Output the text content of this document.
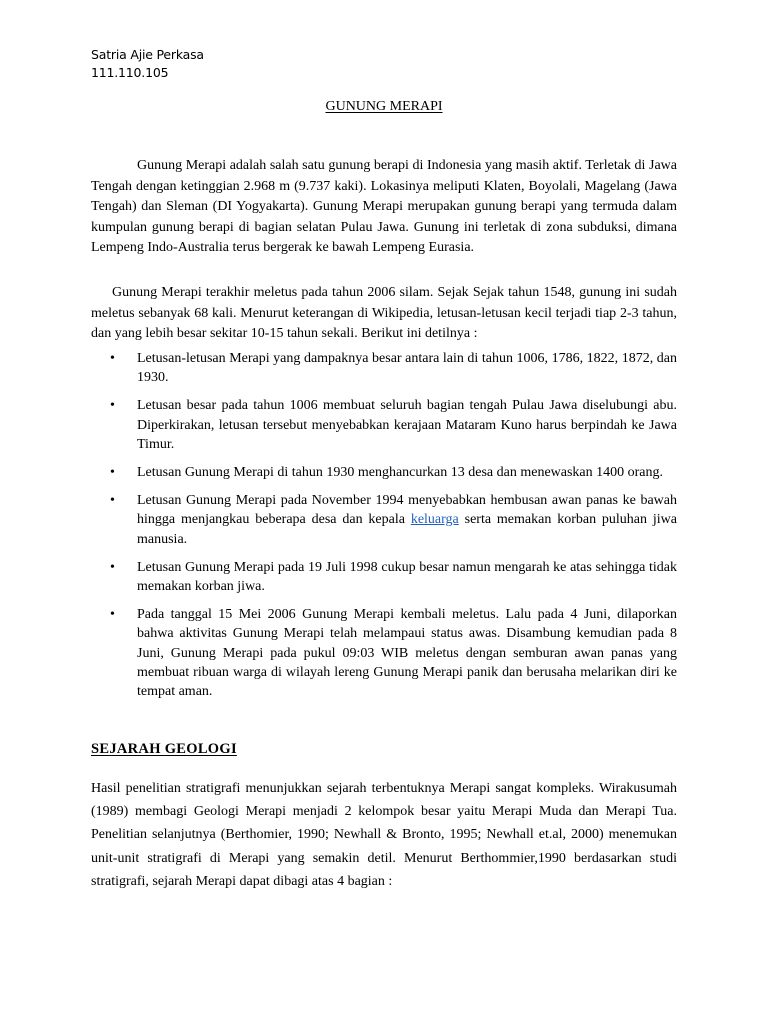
Satria Ajie Perkasa
111.110.105
GUNUNG MERAPI

Gunung Merapi adalah salah satu gunung berapi di Indonesia yang masih aktif. Terletak di Jawa Tengah dengan ketinggian 2.968 m (9.737 kaki). Lokasinya meliputi Klaten, Boyolali, Magelang (Jawa Tengah) dan Sleman (DI Yogyakarta). Gunung Merapi merupakan gunung berapi yang termuda dalam kumpulan gunung berapi di bagian selatan Pulau Jawa. Gunung ini terletak di zona subduksi, dimana Lempeng Indo-Australia terus bergerak ke bawah Lempeng Eurasia.

Gunung Merapi terakhir meletus pada tahun 2006 silam. Sejak Sejak tahun 1548, gunung ini sudah meletus sebanyak 68 kali. Menurut keterangan di Wikipedia, letusan-letusan kecil terjadi tiap 2-3 tahun, dan yang lebih besar sekitar 10-15 tahun sekali. Berikut ini detilnya :

• Letusan-letusan Merapi yang dampaknya besar antara lain di tahun 1006, 1786, 1822, 1872, dan 1930.
• Letusan besar pada tahun 1006 membuat seluruh bagian tengah Pulau Jawa diselubungi abu. Diperkirakan, letusan tersebut menyebabkan kerajaan Mataram Kuno harus berpindah ke Jawa Timur.
• Letusan Gunung Merapi di tahun 1930 menghancurkan 13 desa dan menewaskan 1400 orang.
• Letusan Gunung Merapi pada November 1994 menyebabkan hembusan awan panas ke bawah hingga menjangkau beberapa desa dan kepala keluarga serta memakan korban puluhan jiwa manusia.
• Letusan Gunung Merapi pada 19 Juli 1998 cukup besar namun mengarah ke atas sehingga tidak memakan korban jiwa.
• Pada tanggal 15 Mei 2006 Gunung Merapi kembali meletus. Lalu pada 4 Juni, dilaporkan bahwa aktivitas Gunung Merapi telah melampaui status awas. Disambung kemudian pada 8 Juni, Gunung Merapi pada pukul 09:03 WIB meletus dengan semburan awan panas yang membuat ribuan warga di wilayah lereng Gunung Merapi panik dan berusaha melarikan diri ke tempat aman.
SEJARAH GEOLOGI

Hasil penelitian stratigrafi menunjukkan sejarah terbentuknya Merapi sangat kompleks. Wirakusumah (1989) membagi Geologi Merapi menjadi 2 kelompok besar yaitu Merapi Muda dan Merapi Tua. Penelitian selanjutnya (Berthomier, 1990; Newhall & Bronto, 1995; Newhall et.al, 2000) menemukan unit-unit stratigrafi di Merapi yang semakin detil. Menurut Berthommier,1990 berdasarkan studi stratigrafi, sejarah Merapi dapat dibagi atas 4 bagian :
